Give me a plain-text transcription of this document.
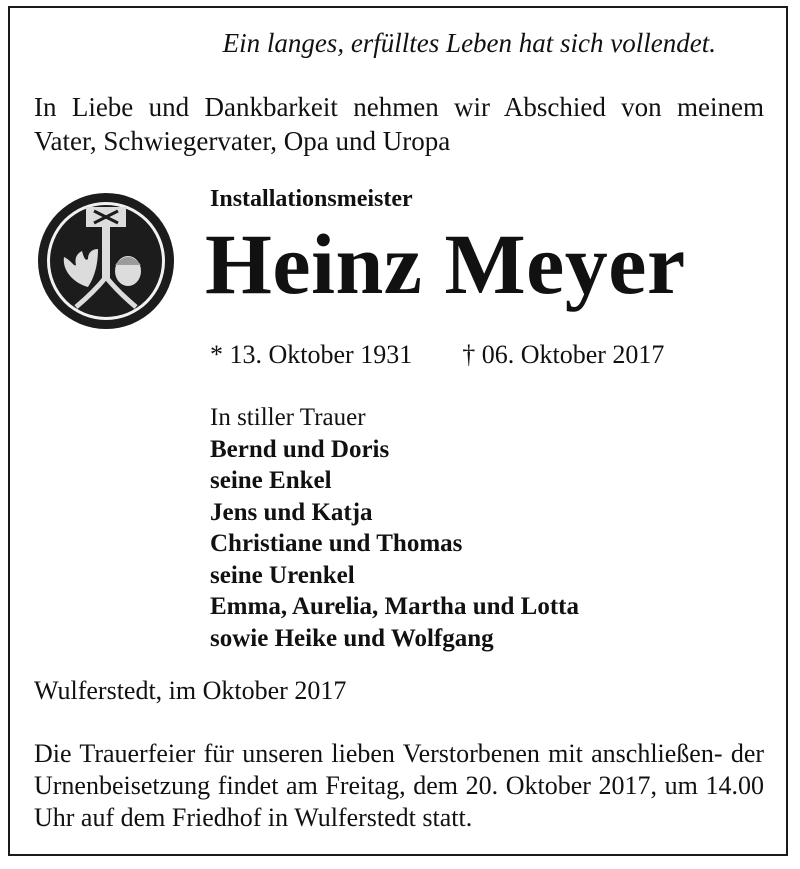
Ein langes, erfülltes Leben hat sich vollendet.

In Liebe und Dankbarkeit nehmen wir Abschied von meinem Vater, Schwiegervater, Opa und Uropa

Installationsmeister
Heinz Meyer
* 13. Oktober 1931 † 06. Oktober 2017
In stiller Trauer
Bernd und Doris
seine Enkel
Jens und Katja
Christiane und Thomas
seine Urenkel
Emma, Aurelia, Martha und Lotta
sowie Heike und Wolfgang
Wulferstedt, im Oktober 2017

Die Trauerfeier für unseren lieben Verstorbenen mit anschließen- der Urnenbeisetzung findet am Freitag, dem 20. Oktober 2017, um 14.00 Uhr auf dem Friedhof in Wulferstedt statt.
